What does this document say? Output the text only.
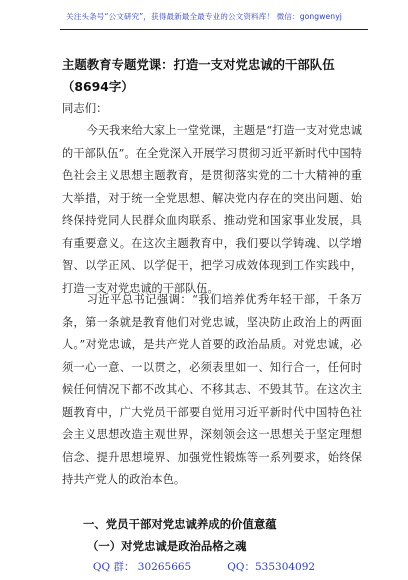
关注头条号“公文研究”，获得最新最全最专业的公文资料库！ 微信：gongwenyj
主题教育专题党课：打造一支对党忠诚的干部队伍（8694字）
同志们：
今天我来给大家上一堂党课，主题是“打造一支对党忠诚的干部队伍”。在全党深入开展学习贯彻习近平新时代中国特色社会主义思想主题教育，是贯彻落实党的二十大精神的重大举措，对于统一全党思想、解决党内存在的突出问题、始终保持党同人民群众血肉联系、推动党和国家事业发展，具有重要意义。在这次主题教育中，我们要以学铸魂、以学增智、以学正风、以学促干，把学习成效体现到工作实践中，打造一支对党忠诚的干部队伍。
习近平总书记强调：“我们培养优秀年轻干部，千条万条，第一条就是教育他们对党忠诚，坚决防止政治上的两面人。”对党忠诚，是共产党人首要的政治品质。对党忠诚，必须一心一意、一以贯之，必须表里如一、知行合一，任何时候任何情况下都不改其心、不移其志、不毁其节。在这次主题教育中，广大党员干部要自觉用习近平新时代中国特色社会主义思想改造主观世界，深刻领会这一思想关于坚定理想信念、提升思想境界、加强党性锻炼等一系列要求，始终保持共产党人的政治本色。
一、党员干部对党忠诚养成的价值意蕴
（一）对党忠诚是政治品格之魂
QQ 群： 30265665	QQ：535304092
